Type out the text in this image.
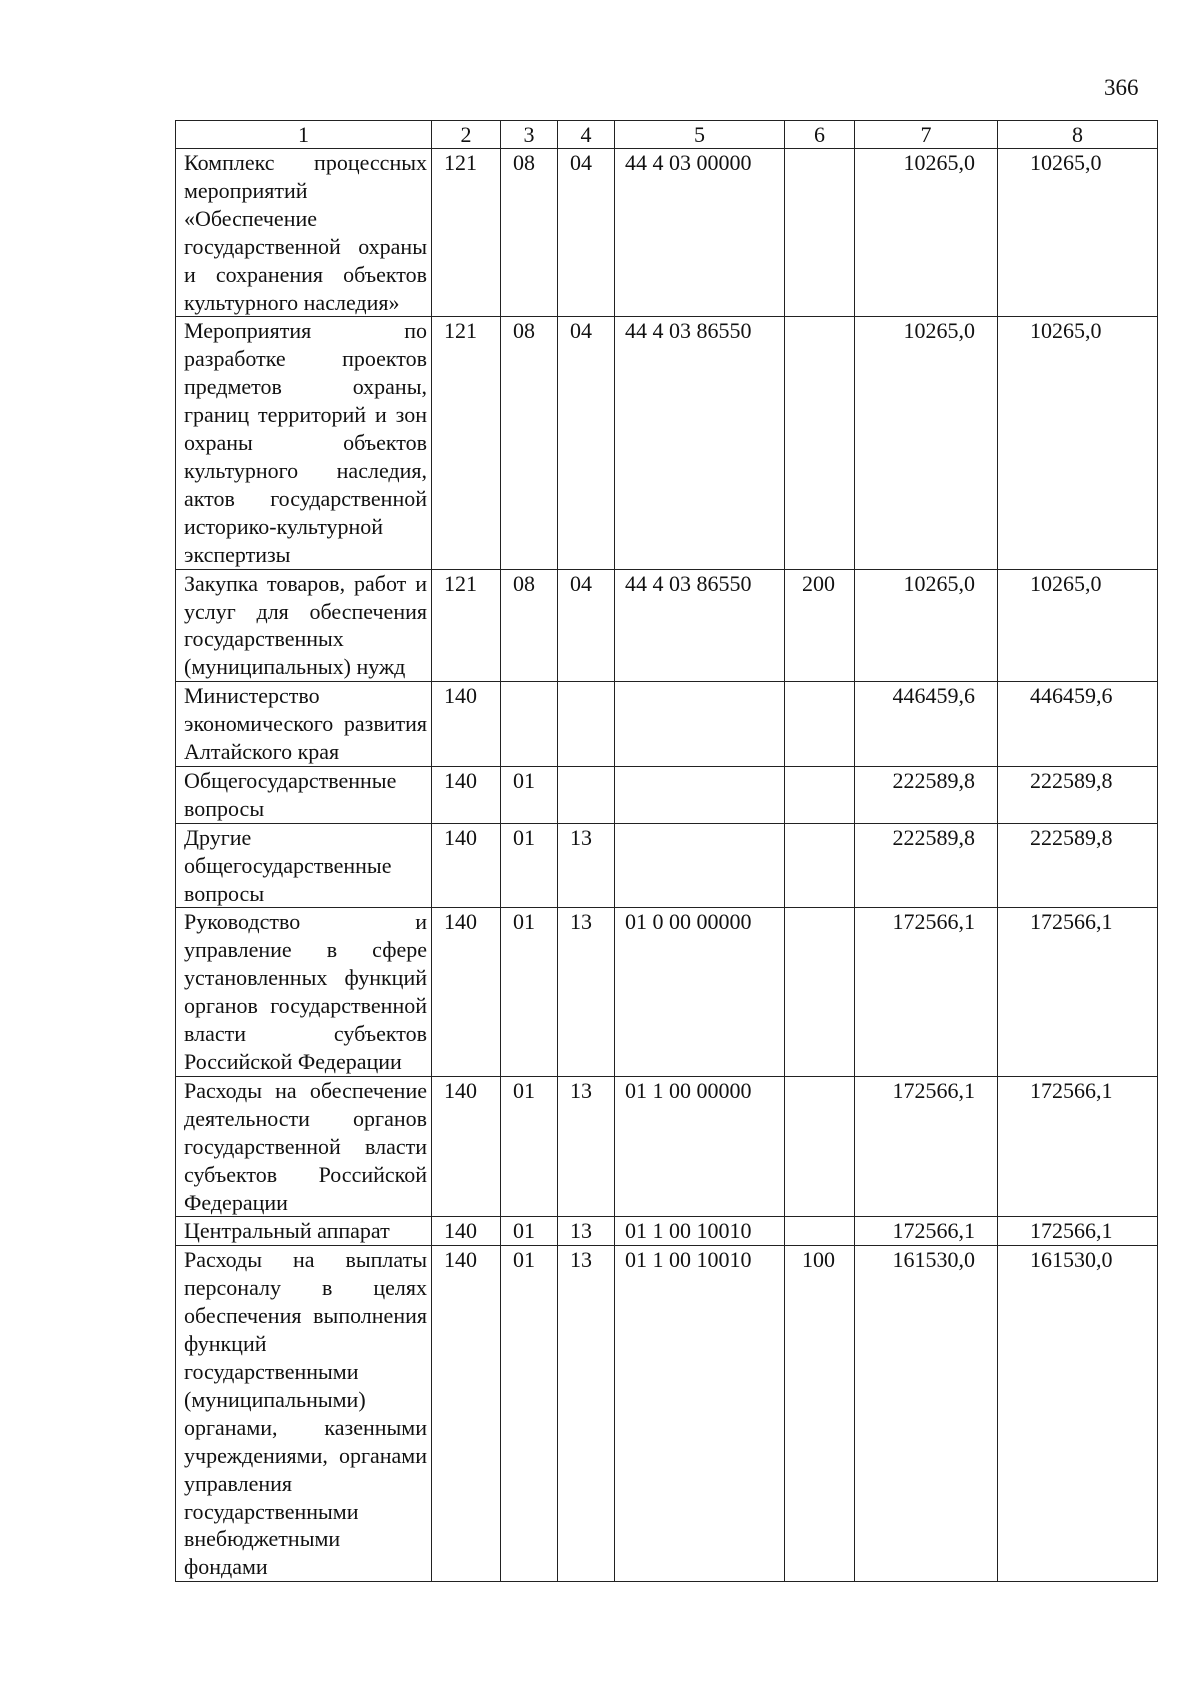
366
1	2	3	4	5	6	7	8
Комплекс процессных мероприятий «Обеспечение государственной охраны и сохранения объектов культурного наследия»	121	08	04	44 4 03 00000		10265,0	10265,0
Мероприятия по разработке проектов предметов охраны, границ территорий и зон охраны объектов культурного наследия, актов государственной историко-культурной экспертизы	121	08	04	44 4 03 86550		10265,0	10265,0
Закупка товаров, работ и услуг для обеспечения государственных (муниципальных) нужд	121	08	04	44 4 03 86550	200	10265,0	10265,0
Министерство экономического развития Алтайского края	140					446459,6	446459,6
Общегосударственные вопросы	140	01				222589,8	222589,8
Другие общегосударственные вопросы	140	01	13			222589,8	222589,8
Руководство и управление в сфере установленных функций органов государственной власти субъектов Российской Федерации	140	01	13	01 0 00 00000		172566,1	172566,1
Расходы на обеспечение деятельности органов государственной власти субъектов Российской Федерации	140	01	13	01 1 00 00000		172566,1	172566,1
Центральный аппарат	140	01	13	01 1 00 10010		172566,1	172566,1
Расходы на выплаты персоналу в целях обеспечения выполнения функций государственными (муниципальными) органами, казенными учреждениями, органами управления государственными внебюджетными фондами	140	01	13	01 1 00 10010	100	161530,0	161530,0
